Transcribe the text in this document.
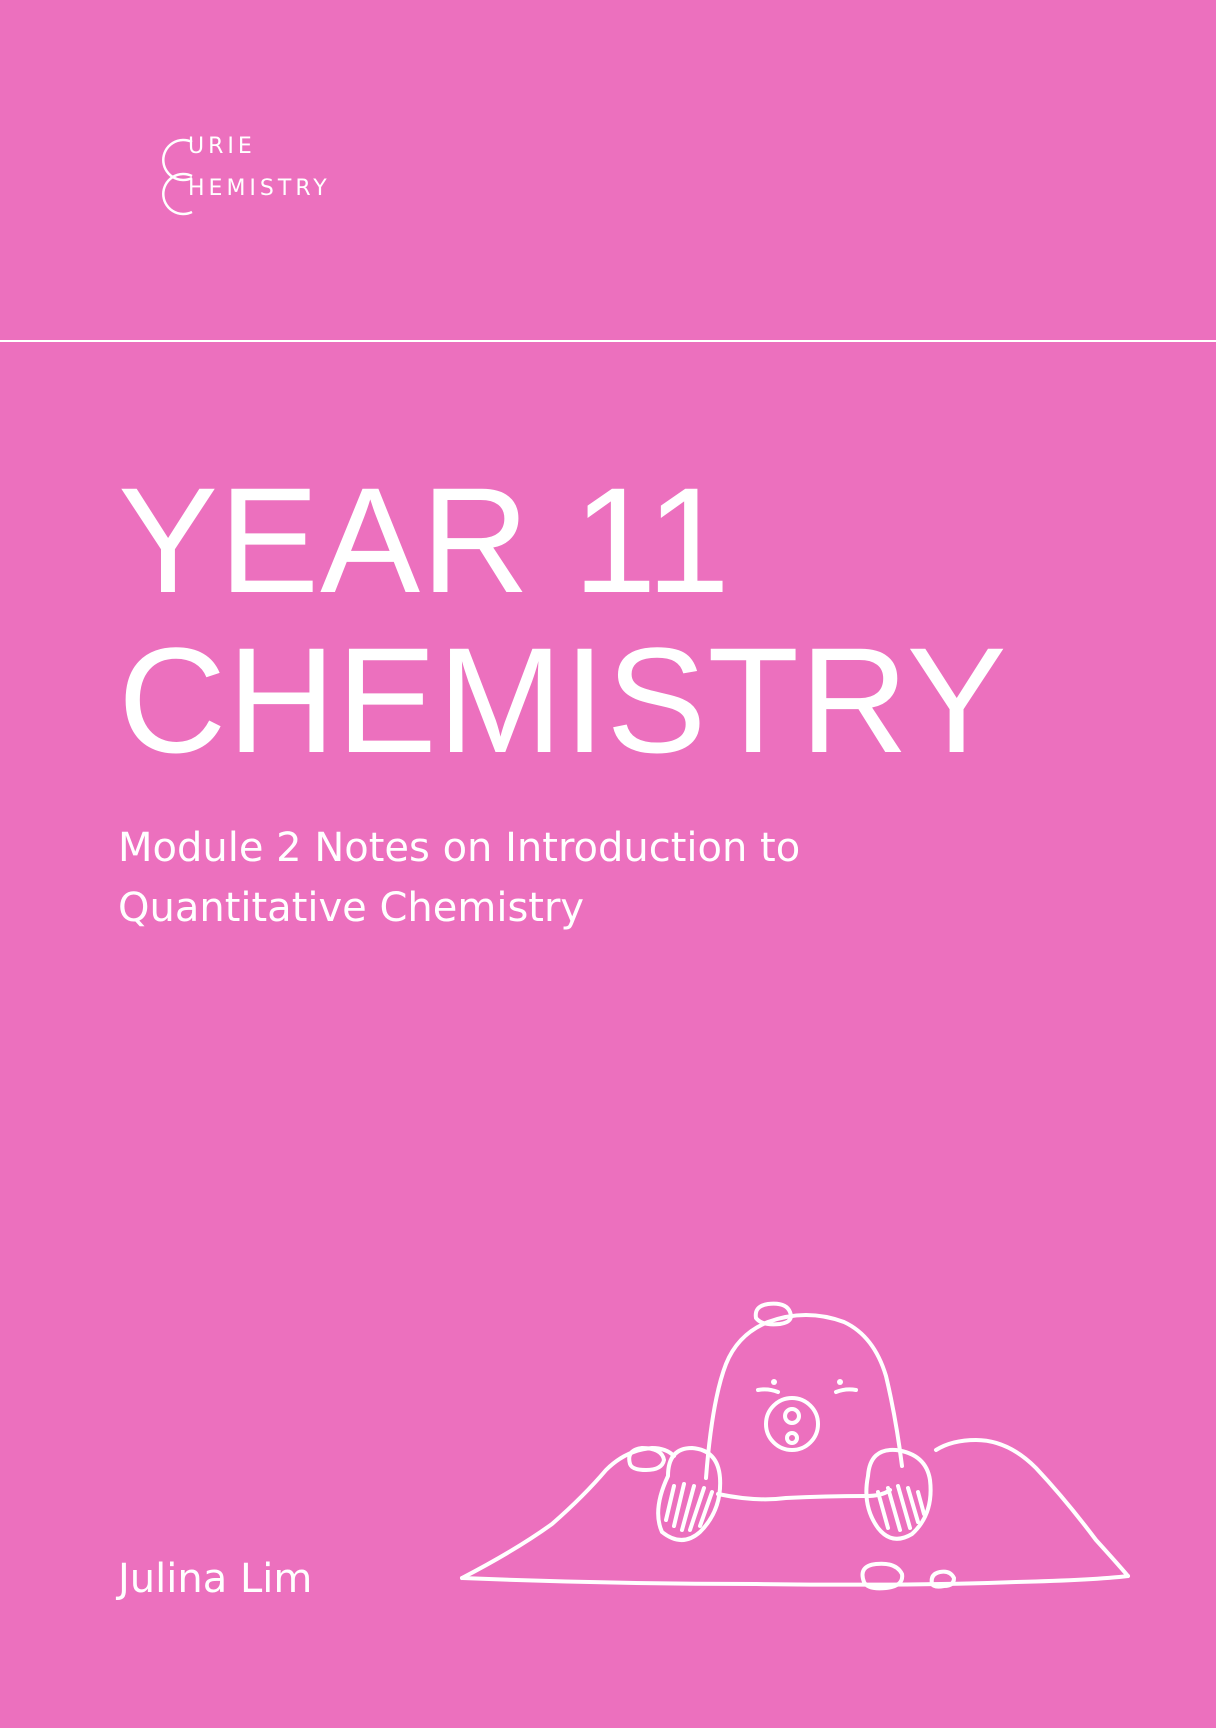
URIE
HEMISTRY
YEAR 11
CHEMISTRY
Module 2 Notes on Introduction to
Quantitative Chemistry
Julina Lim
